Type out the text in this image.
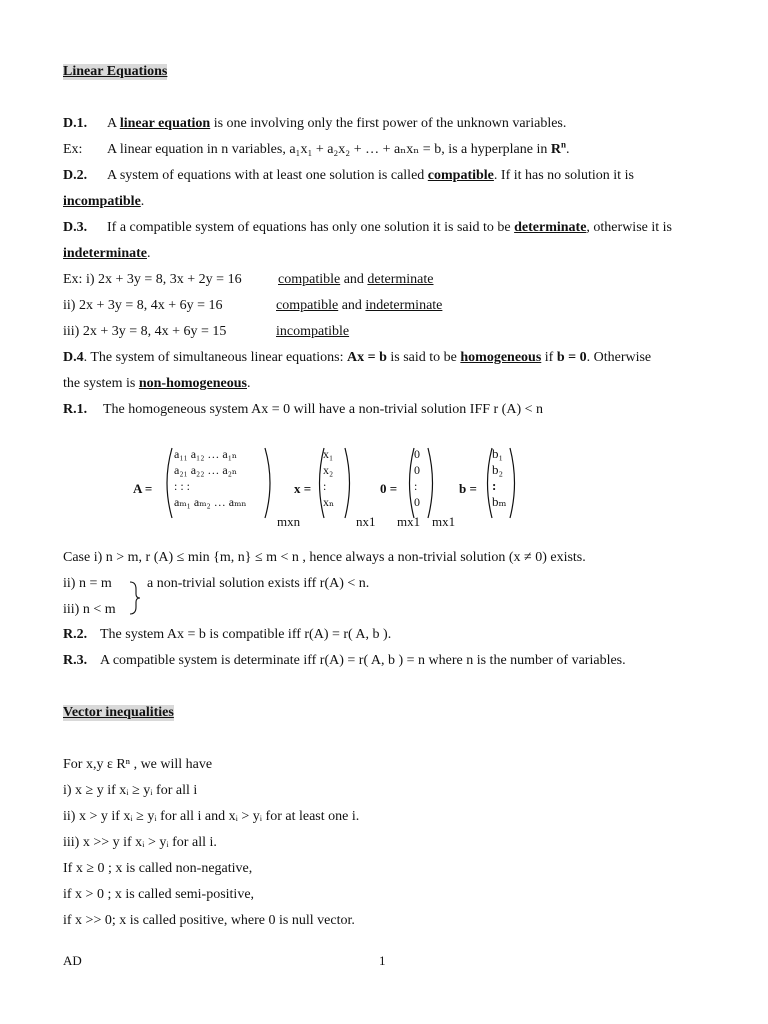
Linear Equations
D.1. A linear equation is one involving only the first power of the unknown variables.
Ex: A linear equation in n variables, a₁x₁ + a₂x₂ + … + aₙxₙ = b, is a hyperplane in $R^n$.
D.2. A system of equations with at least one solution is called compatible. If it has no solution it is
incompatible.
D.3. If a compatible system of equations has only one solution it is said to be determinate, otherwise it is
indeterminate.
Ex: i) 2x + 3y = 8, 3x + 2y = 16	compatible and determinate
ii) 2x + 3y = 8, 4x + 6y = 16	compatible and indeterminate
iii) 2x + 3y = 8, 4x + 6y = 15	incompatible
D.4. The system of simultaneous linear equations: Ax = b is said to be homogeneous if b = 0. Otherwise
the system is non-homogeneous.
R.1. The homogeneous system Ax = 0 will have a non-trivial solution IFF r (A) < n
A =
a₁₁ a₁₂ … a₁ₙ
a₂₁ a₂₂ … a₂ₙ
: : :
aₘ₁ aₘ₂ … aₘₙ
mxn
x =
x₁
x₂
:
xₙ
nx1
0 =
0
0
:
0
mx1
b =
b₁
b₂
:
bₘ
mx1
Case i) n > m, r (A) ≤ min {m, n} ≤ m < n , hence always a non-trivial solution (x ≠ 0) exists.
ii) n = m	a non-trivial solution exists iff r(A) < n.
iii) n < m
R.2. The system Ax = b is compatible iff r(A) = r( A, b ).
R.3. A compatible system is determinate iff r(A) = r( A, b ) = n where n is the number of variables.
Vector inequalities
For x,y ε Rⁿ , we will have
i) x ≥ y if xᵢ ≥ yᵢ for all i
ii) x > y if xᵢ ≥ yᵢ for all i and xᵢ > yᵢ for at least one i.
iii) x >> y if xᵢ > yᵢ for all i.
If x ≥ 0 ; x is called non-negative,
if x > 0 ; x is called semi-positive,
if x >> 0; x is called positive, where 0 is null vector.
AD	1
